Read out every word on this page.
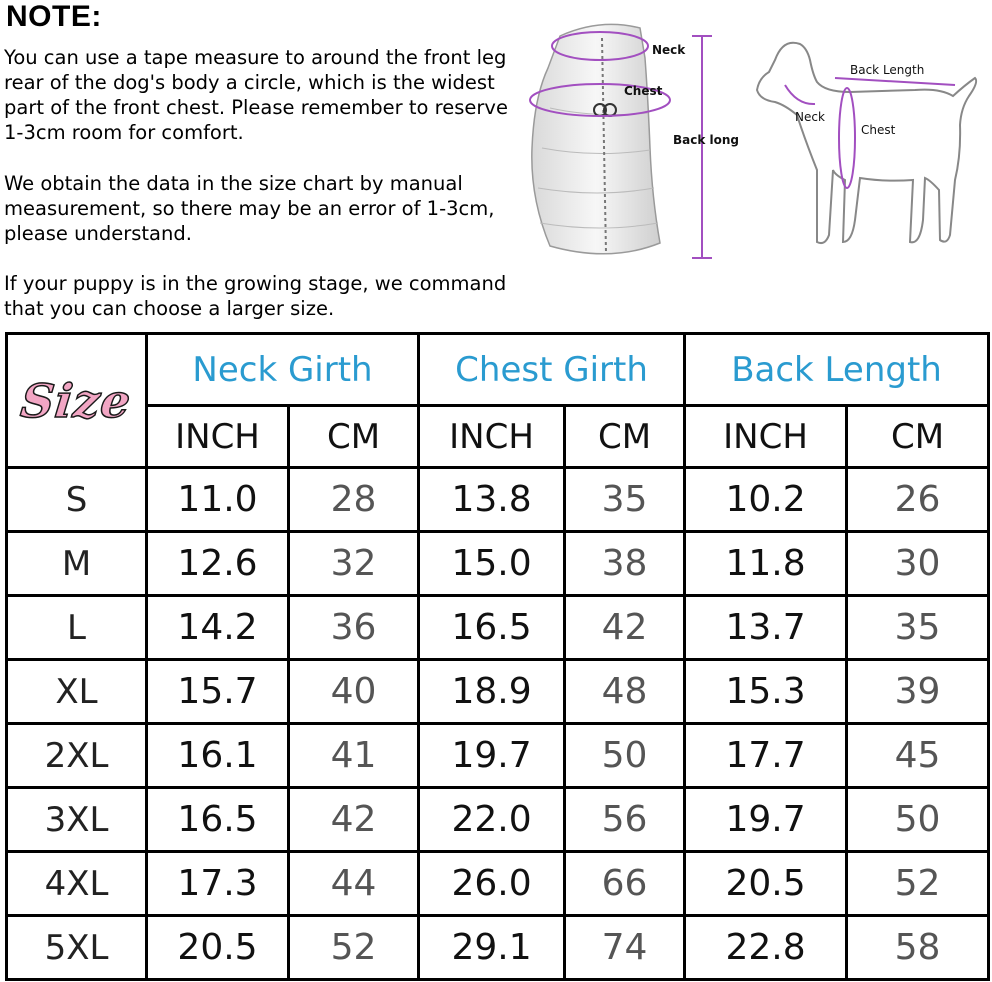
NOTE:

You can use a tape measure to around the front leg
rear of the dog's body a circle, which is the widest
part of the front chest. Please remember to reserve
1-3cm room for comfort.

We obtain the data in the size chart by manual
measurement, so there may be an error of 1-3cm,
please understand.

If your puppy is in the growing stage, we command
that you can choose a larger size.

Neck
Chest
Back long
Back Length
Neck
Chest
Size	Neck Girth		Chest Girth		Back Length	
	INCH	CM	INCH	CM	INCH	CM
S	11.0	28	13.8	35	10.2	26
M	12.6	32	15.0	38	11.8	30
L	14.2	36	16.5	42	13.7	35
XL	15.7	40	18.9	48	15.3	39
2XL	16.1	41	19.7	50	17.7	45
3XL	16.5	42	22.0	56	19.7	50
4XL	17.3	44	26.0	66	20.5	52
5XL	20.5	52	29.1	74	22.8	58
